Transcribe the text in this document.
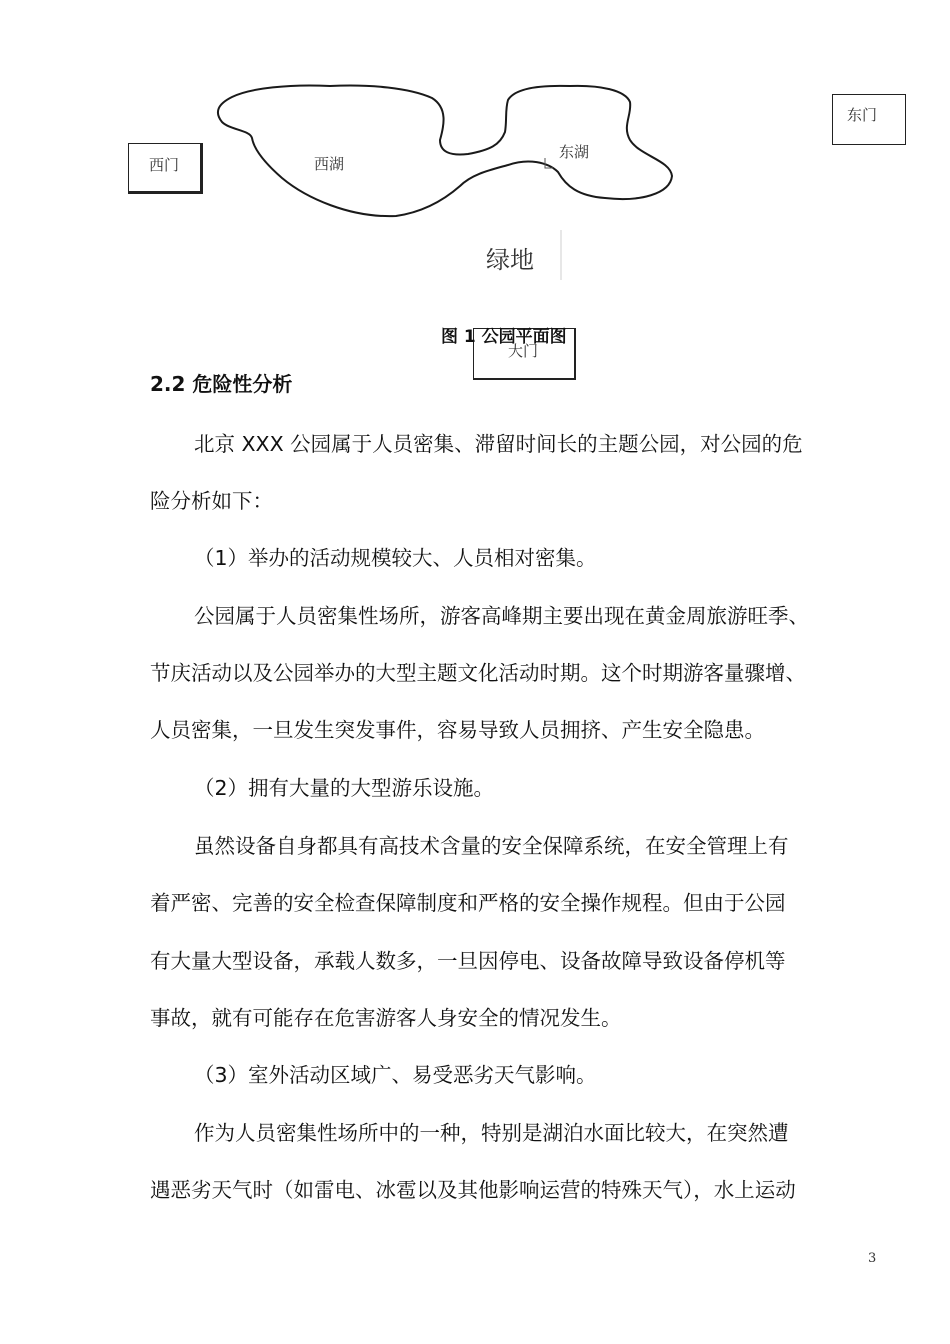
西门
东门
大门
西湖
东湖
绿地
图 1 公园平面图
2.2 危险性分析
北京 XXX 公园属于人员密集、滞留时间长的主题公园，对公园的危
险分析如下：
（1）举办的活动规模较大、人员相对密集。
公园属于人员密集性场所，游客高峰期主要出现在黄金周旅游旺季、
节庆活动以及公园举办的大型主题文化活动时期。这个时期游客量骤增、
人员密集，一旦发生突发事件，容易导致人员拥挤、产生安全隐患。
（2）拥有大量的大型游乐设施。
虽然设备自身都具有高技术含量的安全保障系统，在安全管理上有
着严密、完善的安全检查保障制度和严格的安全操作规程。但由于公园
有大量大型设备，承载人数多，一旦因停电、设备故障导致设备停机等
事故，就有可能存在危害游客人身安全的情况发生。
（3）室外活动区域广、易受恶劣天气影响。
作为人员密集性场所中的一种，特别是湖泊水面比较大，在突然遭
遇恶劣天气时（如雷电、冰雹以及其他影响运营的特殊天气），水上运动
3
